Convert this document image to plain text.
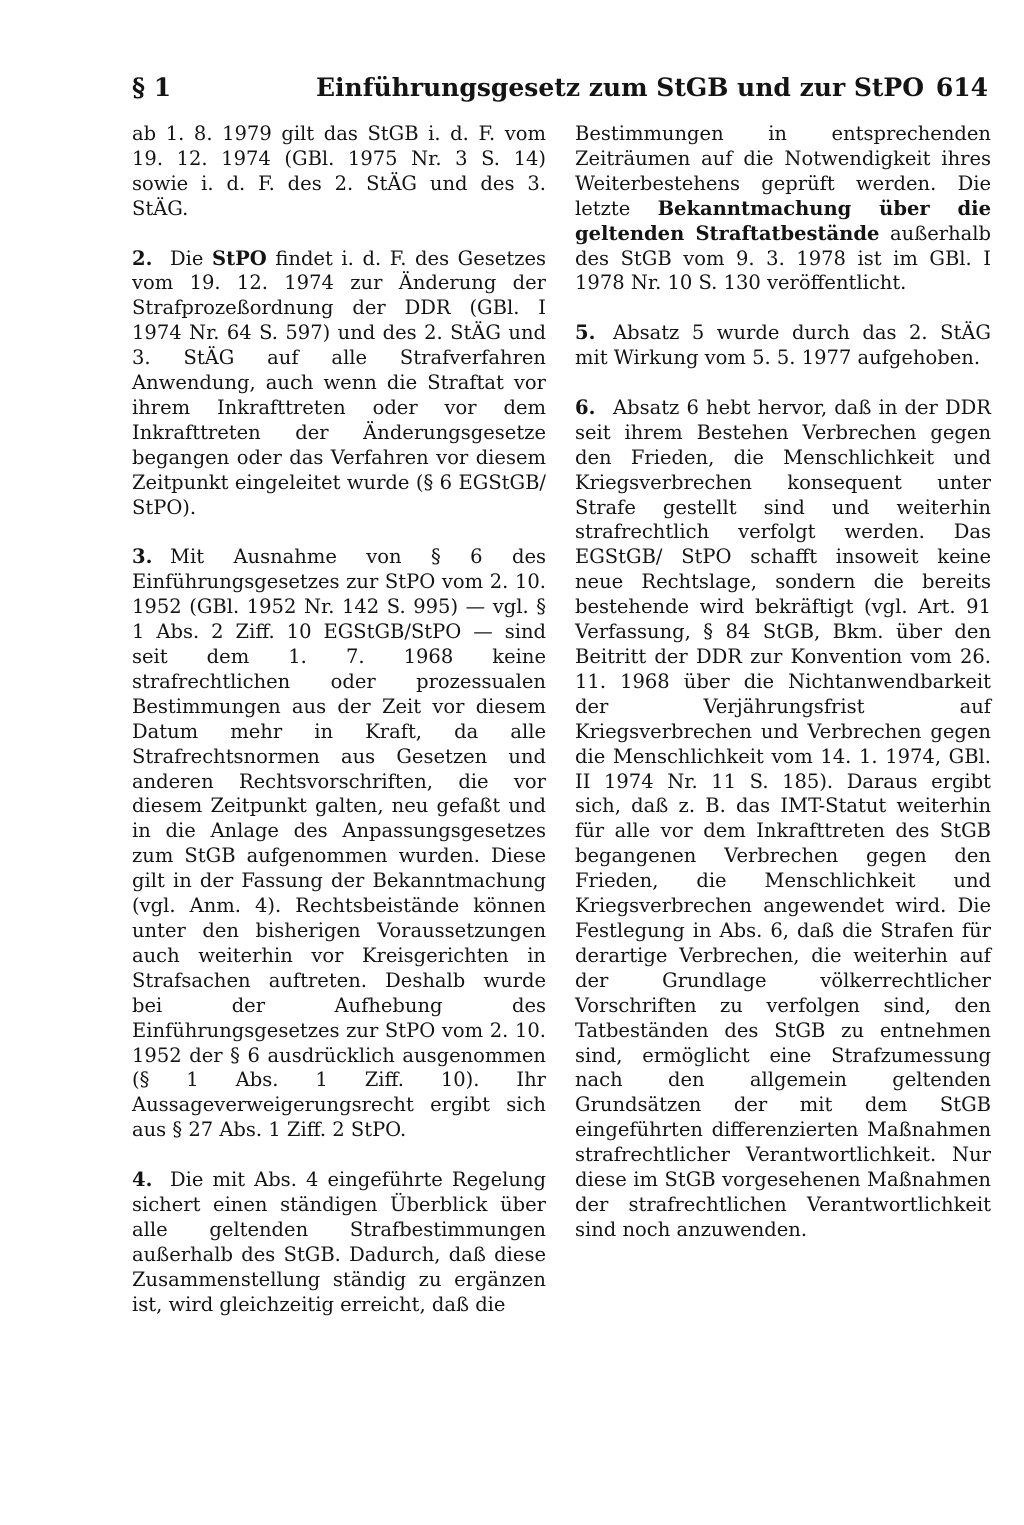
§ 1	Einführungsgesetz zum StGB und zur StPO 614

ab 1. 8. 1979 gilt das StGB i. d. F. vom 19. 12. 1974 (GBl. 1975 Nr. 3 S. 14) sowie i. d. F. des 2. StÄG und des 3. StÄG.

2. Die StPO findet i. d. F. des Gesetzes vom 19. 12. 1974 zur Änderung der Strafprozeßordnung der DDR (GBl. I 1974 Nr. 64 S. 597) und des 2. StÄG und 3. StÄG auf alle Strafverfahren Anwendung, auch wenn die Straftat vor ihrem Inkrafttreten oder vor dem Inkrafttreten der Änderungsgesetze begangen oder das Verfahren vor diesem Zeitpunkt eingeleitet wurde (§ 6 EGStGB/ StPO).

3. Mit Ausnahme von § 6 des Einführungsgesetzes zur StPO vom 2. 10. 1952 (GBl. 1952 Nr. 142 S. 995) — vgl. § 1 Abs. 2 Ziff. 10 EGStGB/StPO — sind seit dem 1. 7. 1968 keine strafrechtlichen oder prozessualen Bestimmungen aus der Zeit vor diesem Datum mehr in Kraft, da alle Strafrechtsnormen aus Gesetzen und anderen Rechtsvorschriften, die vor diesem Zeitpunkt galten, neu gefaßt und in die Anlage des Anpassungsgesetzes zum StGB aufgenommen wurden. Diese gilt in der Fassung der Bekanntmachung (vgl. Anm. 4). Rechtsbeistände können unter den bisherigen Voraussetzungen auch weiterhin vor Kreisgerichten in Strafsachen auftreten. Deshalb wurde bei der Aufhebung des Einführungsgesetzes zur StPO vom 2. 10. 1952 der § 6 ausdrücklich ausgenommen (§ 1 Abs. 1 Ziff. 10). Ihr Aussageverweigerungsrecht ergibt sich aus § 27 Abs. 1 Ziff. 2 StPO.

4. Die mit Abs. 4 eingeführte Regelung sichert einen ständigen Überblick über alle geltenden Strafbestimmungen außerhalb des StGB. Dadurch, daß diese Zusammenstellung ständig zu ergänzen ist, wird gleichzeitig erreicht, daß die

Bestimmungen in entsprechenden Zeiträumen auf die Notwendigkeit ihres Weiterbestehens geprüft werden. Die letzte Bekanntmachung über die geltenden Straftatbestände außerhalb des StGB vom 9. 3. 1978 ist im GBl. I 1978 Nr. 10 S. 130 veröffentlicht.

5. Absatz 5 wurde durch das 2. StÄG mit Wirkung vom 5. 5. 1977 aufgehoben.

6. Absatz 6 hebt hervor, daß in der DDR seit ihrem Bestehen Verbrechen gegen den Frieden, die Menschlichkeit und Kriegsverbrechen konsequent unter Strafe gestellt sind und weiterhin strafrechtlich verfolgt werden. Das EGStGB/ StPO schafft insoweit keine neue Rechtslage, sondern die bereits bestehende wird bekräftigt (vgl. Art. 91 Verfassung, § 84 StGB, Bkm. über den Beitritt der DDR zur Konvention vom 26. 11. 1968 über die Nichtanwendbarkeit der Verjährungsfrist auf Kriegsverbrechen und Verbrechen gegen die Menschlichkeit vom 14. 1. 1974, GBl. II 1974 Nr. 11 S. 185). Daraus ergibt sich, daß z. B. das IMT-Statut weiterhin für alle vor dem Inkrafttreten des StGB begangenen Verbrechen gegen den Frieden, die Menschlichkeit und Kriegsverbrechen angewendet wird. Die Festlegung in Abs. 6, daß die Strafen für derartige Verbrechen, die weiterhin auf der Grundlage völkerrechtlicher Vorschriften zu verfolgen sind, den Tatbeständen des StGB zu entnehmen sind, ermöglicht eine Strafzumessung nach den allgemein geltenden Grundsätzen der mit dem StGB eingeführten differenzierten Maßnahmen strafrechtlicher Verantwortlichkeit. Nur diese im StGB vorgesehenen Maßnahmen der strafrechtlichen Verantwortlichkeit sind noch anzuwenden.
